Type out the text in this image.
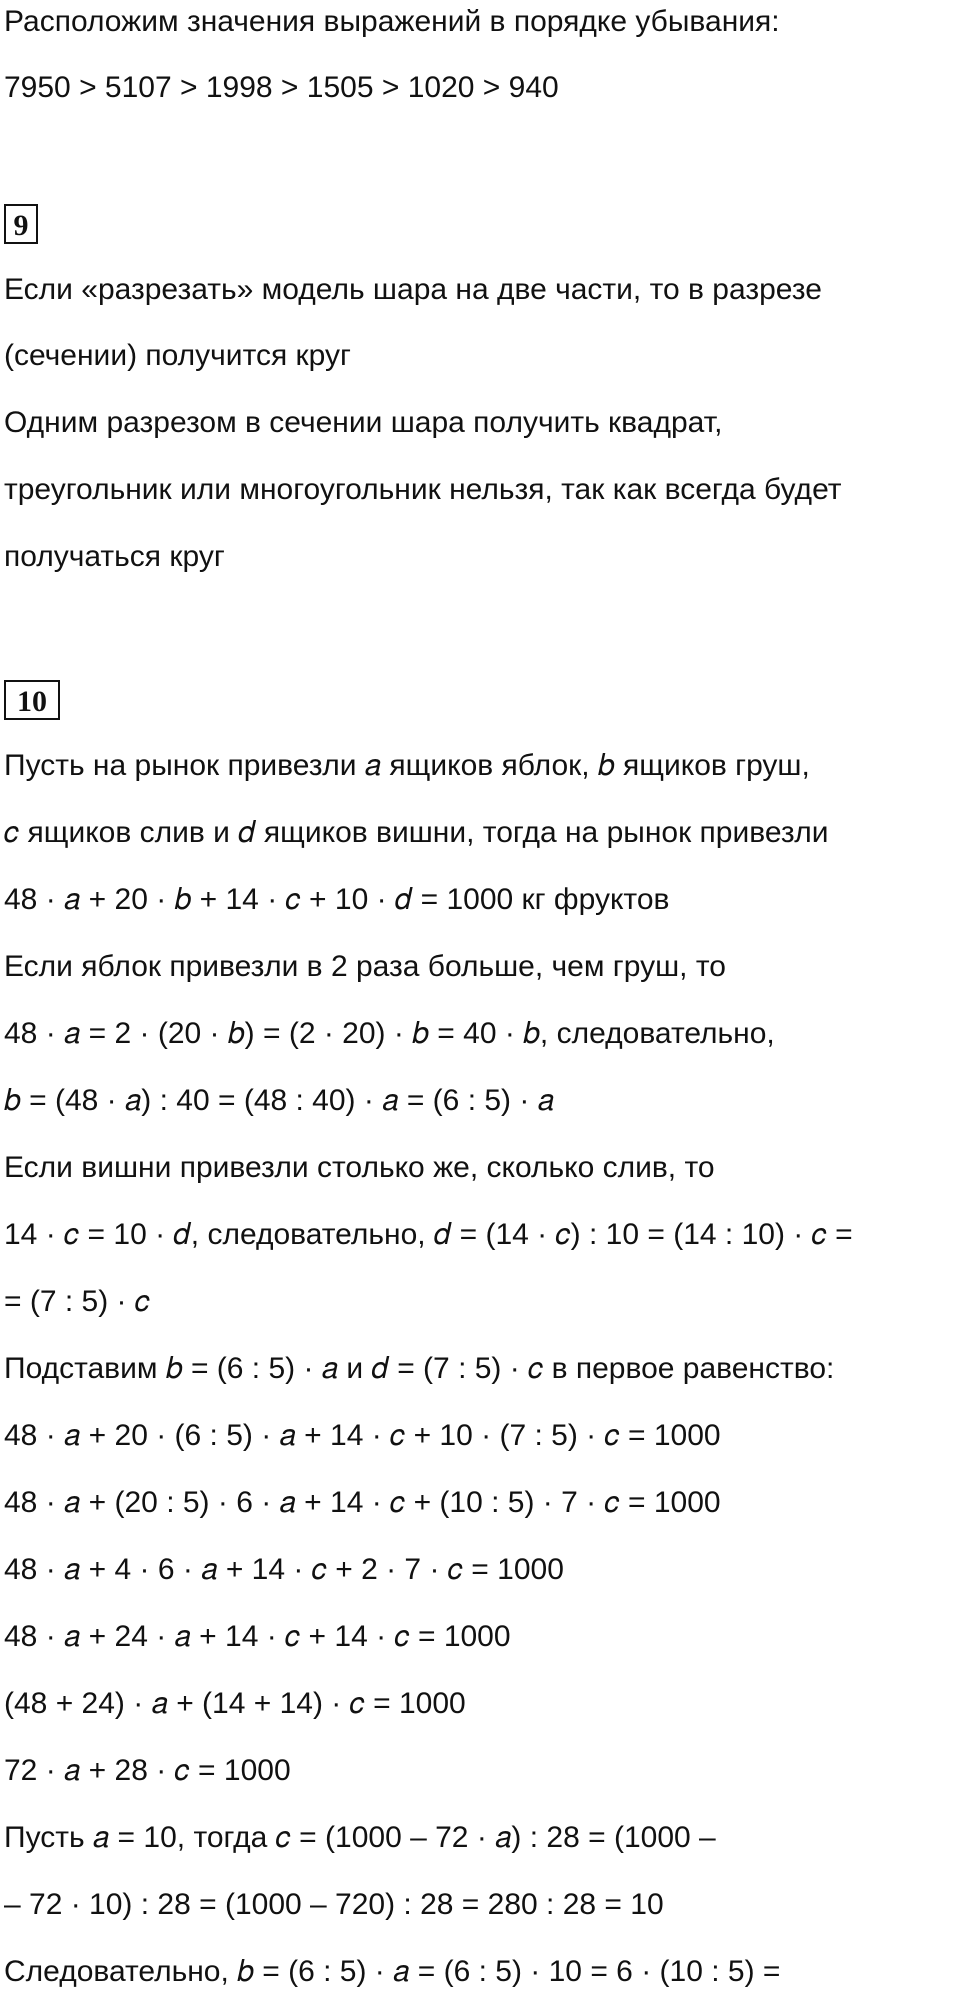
Расположим значения выражений в порядке убывания:
7950 > 5107 > 1998 > 1505 > 1020 > 940
9
Если «разрезать» модель шара на две части, то в разрезе
(сечении) получится круг
Одним разрезом в сечении шара получить квадрат,
треугольник или многоугольник нельзя, так как всегда будет
получаться круг
10
Пусть на рынок привезли 𝑎 ящиков яблок, 𝑏 ящиков груш,
𝑐 ящиков слив и 𝑑 ящиков вишни, тогда на рынок привезли
48 · 𝑎 + 20 · 𝑏 + 14 · 𝑐 + 10 · 𝑑 = 1000 кг фруктов
Если яблок привезли в 2 раза больше, чем груш, то
48 · 𝑎 = 2 · (20 · 𝑏) = (2 · 20) · 𝑏 = 40 · 𝑏, следовательно,
𝑏 = (48 · 𝑎) : 40 = (48 : 40) · 𝑎 = (6 : 5) · 𝑎
Если вишни привезли столько же, сколько слив, то
14 · 𝑐 = 10 · 𝑑, следовательно, 𝑑 = (14 · 𝑐) : 10 = (14 : 10) · 𝑐 =
= (7 : 5) · 𝑐
Подставим 𝑏 = (6 : 5) · 𝑎 и 𝑑 = (7 : 5) · 𝑐 в первое равенство:
48 · 𝑎 + 20 · (6 : 5) · 𝑎 + 14 · 𝑐 + 10 · (7 : 5) · 𝑐 = 1000
48 · 𝑎 + (20 : 5) · 6 · 𝑎 + 14 · 𝑐 + (10 : 5) · 7 · 𝑐 = 1000
48 · 𝑎 + 4 · 6 · 𝑎 + 14 · 𝑐 + 2 · 7 · 𝑐 = 1000
48 · 𝑎 + 24 · 𝑎 + 14 · 𝑐 + 14 · 𝑐 = 1000
(48 + 24) · 𝑎 + (14 + 14) · 𝑐 = 1000
72 · 𝑎 + 28 · 𝑐 = 1000
Пусть 𝑎 = 10, тогда 𝑐 = (1000 – 72 · 𝑎) : 28 = (1000 –
– 72 · 10) : 28 = (1000 – 720) : 28 = 280 : 28 = 10
Следовательно, 𝑏 = (6 : 5) · 𝑎 = (6 : 5) · 10 = 6 · (10 : 5) =
